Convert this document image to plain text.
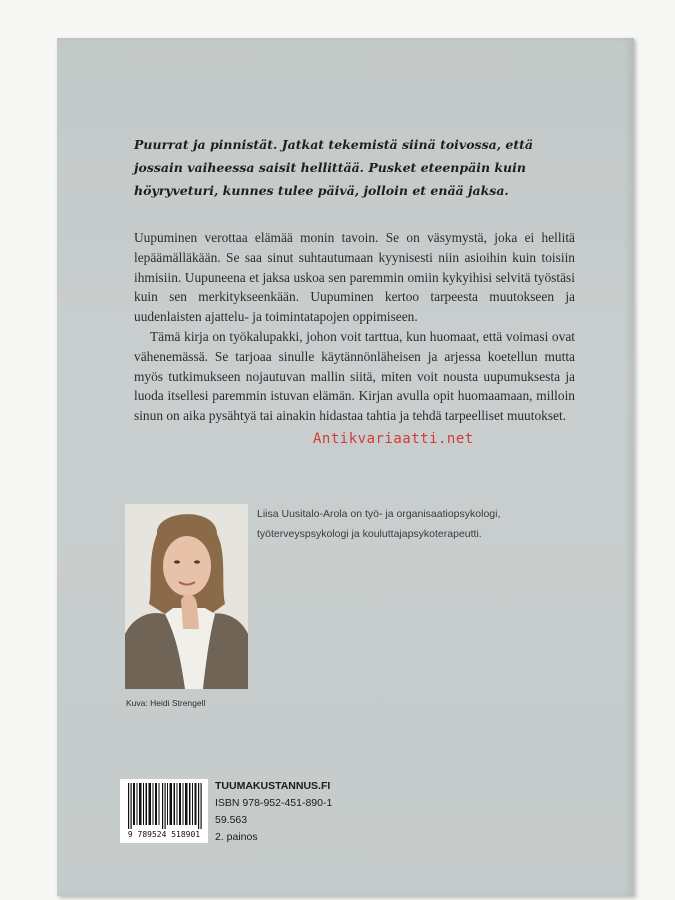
Puurrat ja pinnistät. Jatkat tekemistä siinä toivossa, että
jossain vaiheessa saisit hellittää. Pusket eteenpäin kuin
höyryveturi, kunnes tulee päivä, jolloin et enää jaksa.

Uupuminen verottaa elämää monin tavoin. Se on väsymystä, joka ei hellitä lepäämälläkään. Se saa sinut suhtautumaan kyynisesti niin asioihin kuin toisiin ihmisiin. Uupuneena et jaksa uskoa sen paremmin omiin kykyihisi selvitä työstäsi kuin sen merkitykseenkään. Uupuminen kertoo tarpeesta muutokseen ja uudenlaisten ajattelu- ja toimintatapojen oppimiseen.

Tämä kirja on työkalupakki, johon voit tarttua, kun huomaat, että voimasi ovat vähenemässä. Se tarjoaa sinulle käytännönläheisen ja arjessa koetellun mutta myös tutkimukseen nojautuvan mallin siitä, miten voit nousta uupumuksesta ja luoda itsellesi paremmin istuvan elämän. Kirjan avulla opit huomaamaan, milloin sinun on aika pysähtyä tai ainakin hidastaa tahtia ja tehdä tarpeelliset muutokset.

Antikvariaatti.net
Kuva: Heidi Strengell
Liisa Uusitalo-Arola on työ- ja organisaatiopsykologi,
työterveyspsykologi ja kouluttajapsykoterapeutti.
9 789524 518901
TUUMAKUSTANNUS.FI
ISBN 978-952-451-890-1
59.563
2. painos
